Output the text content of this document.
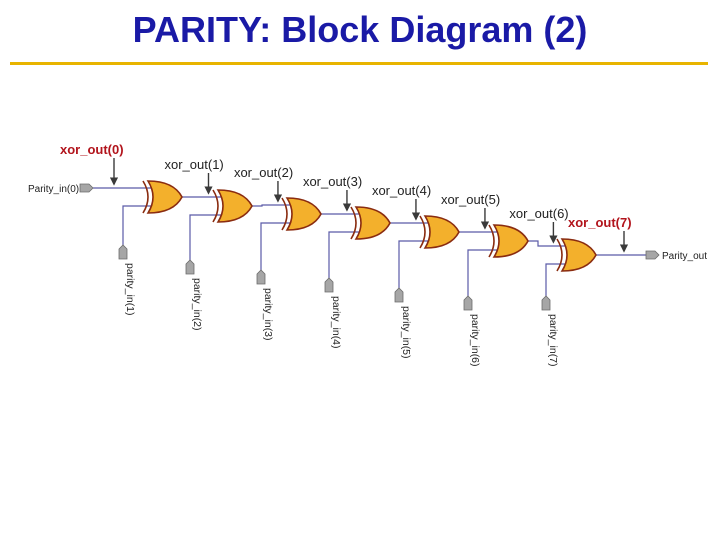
PARITY: Block Diagram (2)
Parity_in(0)
xor_out(0)
parity_in(1)
xor_out(1)
parity_in(2)
xor_out(2)
parity_in(3)
xor_out(3)
parity_in(4)
xor_out(4)
parity_in(5)
xor_out(5)
parity_in(6)
xor_out(6)
parity_in(7)
Parity_out
xor_out(7)
